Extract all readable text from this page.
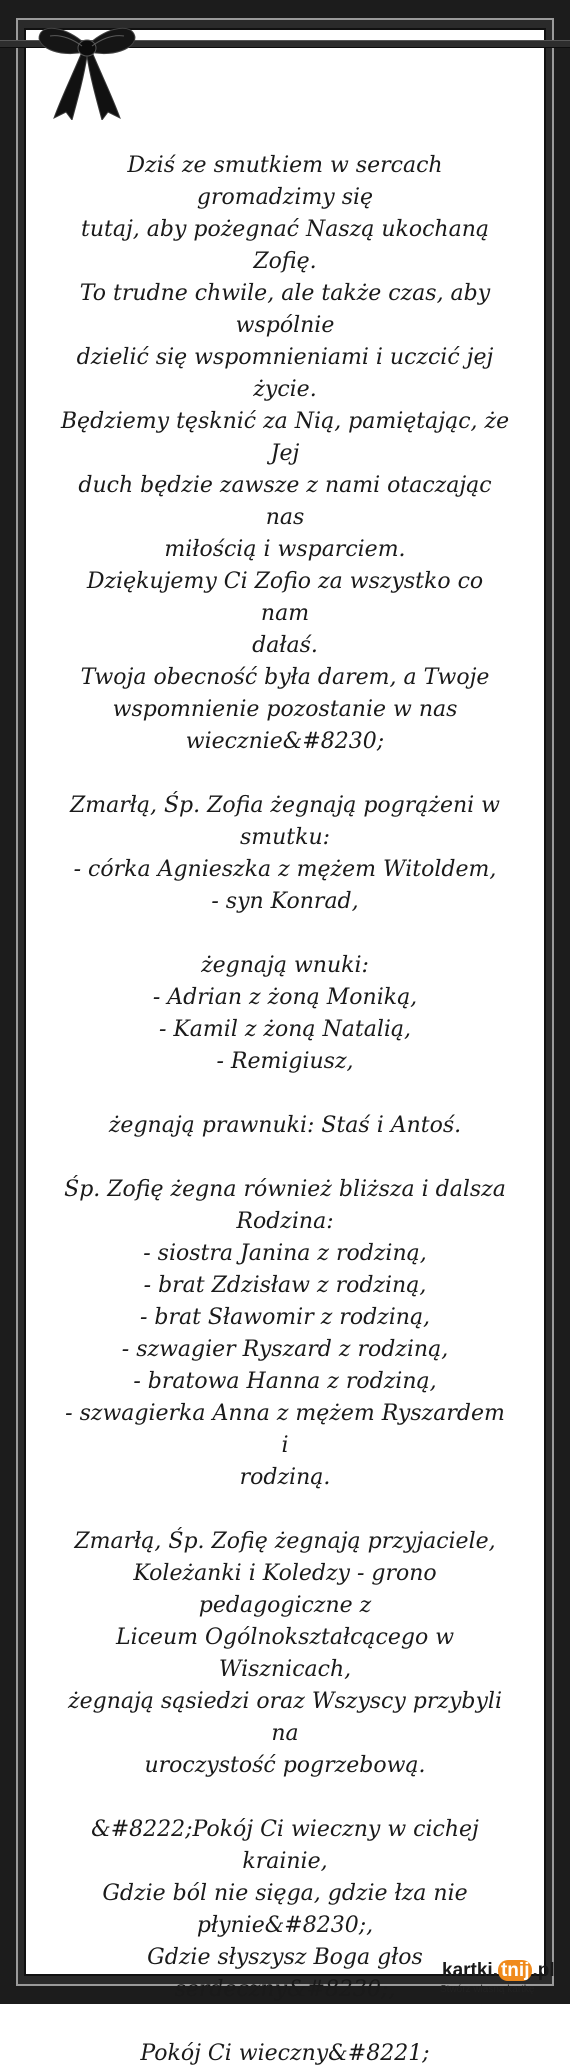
Dziś ze smutkiem w sercach gromadzimy się

tutaj, aby pożegnać Naszą ukochaną Zofię.

To trudne chwile, ale także czas, aby wspólnie

dzielić się wspomnieniami i uczcić jej życie.

Będziemy tęsknić za Nią, pamiętając, że Jej

duch będzie zawsze z nami otaczając nas

miłością i wsparciem.

Dziękujemy Ci Zofio za wszystko co nam

dałaś.

Twoja obecność była darem, a Twoje

wspomnienie pozostanie w nas

wiecznie&#8230;

Zmarłą, Śp. Zofia żegnają pogrążeni w

smutku:

- córka Agnieszka z mężem Witoldem,

- syn Konrad,

żegnają wnuki:

- Adrian z żoną Moniką,

- Kamil z żoną Natalią,

- Remigiusz,

żegnają prawnuki: Staś i Antoś.

Śp. Zofię żegna również bliższa i dalsza

Rodzina:

- siostra Janina z rodziną,

- brat Zdzisław z rodziną,

- brat Sławomir z rodziną,

- szwagier Ryszard z rodziną,

- bratowa Hanna z rodziną,

- szwagierka Anna z mężem Ryszardem i

rodziną.

Zmarłą, Śp. Zofię żegnają przyjaciele,

Koleżanki i Koledzy - grono pedagogiczne z

Liceum Ogólnokształcącego w Wisznicach,

żegnają sąsiedzi oraz Wszyscy przybyli na

uroczystość pogrzebową.

&#8222;Pokój Ci wieczny w cichej krainie,

Gdzie ból nie sięga, gdzie łza nie

płynie&#8230;,

Gdzie słyszysz Boga głos serdeczny&#8230;,

Pokój Ci wieczny&#8221;

kartki. tnij .pl
Stwórz własną kartkę
